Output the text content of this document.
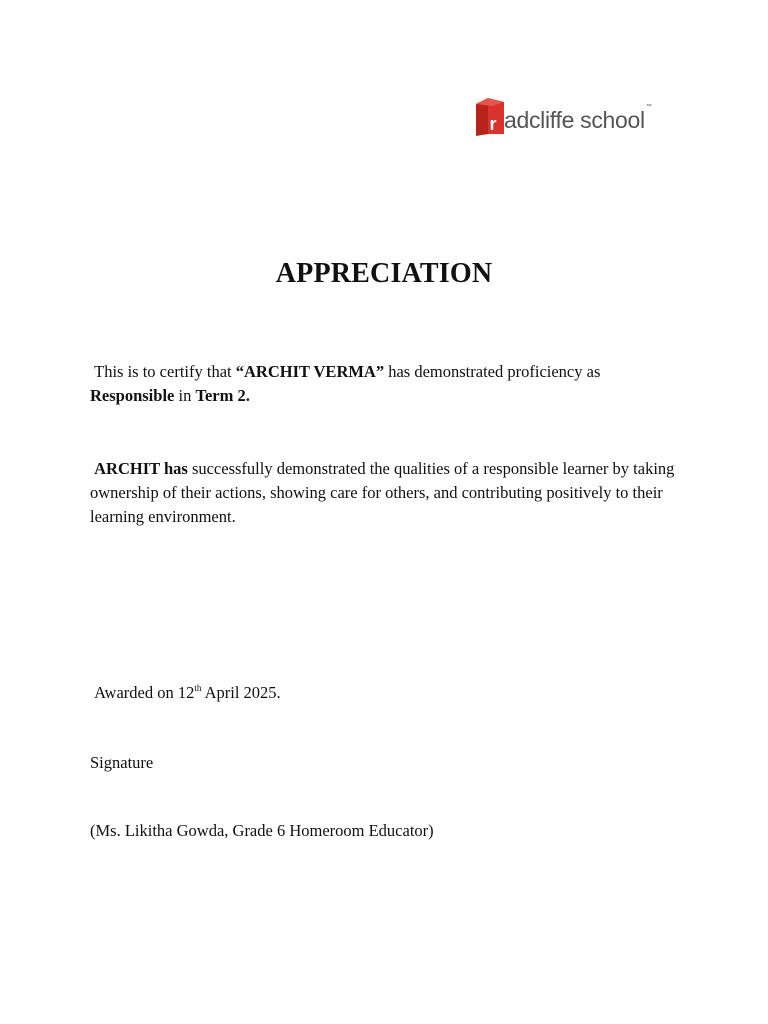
r adcliffe school ™
APPRECIATION
This is to certify that “ARCHIT VERMA” has demonstrated proficiency as Responsible in Term 2.
ARCHIT has successfully demonstrated the qualities of a responsible learner by taking ownership of their actions, showing care for others, and contributing positively to their learning environment.
Awarded on 12th April 2025.
Signature
(Ms. Likitha Gowda, Grade 6 Homeroom Educator)
